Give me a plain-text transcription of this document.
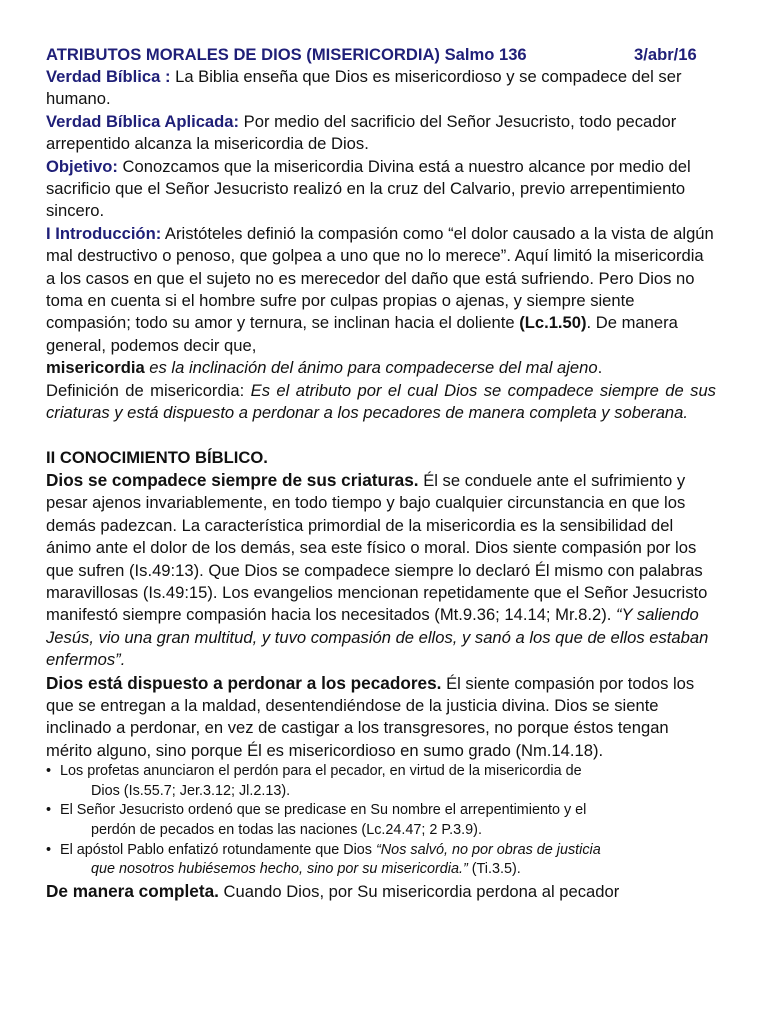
ATRIBUTOS MORALES DE DIOS (MISERICORDIA) Salmo 136	3/abr/16

Verdad Bíblica : La Biblia enseña que Dios es misericordioso y se compadece del ser humano.

Verdad Bíblica Aplicada: Por medio del sacrificio del Señor Jesucristo, todo pecador arrepentido alcanza la misericordia de Dios.

Objetivo: Conozcamos que la misericordia Divina está a nuestro alcance por medio del sacrificio que el Señor Jesucristo realizó en la cruz del Calvario, previo arrepentimiento sincero.

I Introducción: Aristóteles definió la compasión como “el dolor causado a la vista de algún mal destructivo o penoso, que golpea a uno que no lo merece”. Aquí limitó la misericordia a los casos en que el sujeto no es merecedor del daño que está sufriendo. Pero Dios no toma en cuenta si el hombre sufre por culpas propias o ajenas, y siempre siente compasión; todo su amor y ternura, se inclinan hacia el doliente (Lc.1.50). De manera general, podemos decir que,
misericordia es la inclinación del ánimo para compadecerse del mal ajeno.

Definición de misericordia: Es el atributo por el cual Dios se compadece siempre de sus criaturas y está dispuesto a perdonar a los pecadores de manera completa y soberana.

II CONOCIMIENTO BÍBLICO.

Dios se compadece siempre de sus criaturas. Él se conduele ante el sufrimiento y pesar ajenos invariablemente, en todo tiempo y bajo cualquier circunstancia en que los demás padezcan. La característica primordial de la misericordia es la sensibilidad del ánimo ante el dolor de los demás, sea este físico o moral. Dios siente compasión por los que sufren (Is.49:13). Que Dios se compadece siempre lo declaró Él mismo con palabras maravillosas (Is.49:15). Los evangelios mencionan repetidamente que el Señor Jesucristo manifestó siempre compasión hacia los necesitados (Mt.9.36; 14.14; Mr.8.2). “Y saliendo Jesús, vio una gran multitud, y tuvo compasión de ellos, y sanó a los que de ellos estaban enfermos”.

Dios está dispuesto a perdonar a los pecadores. Él siente compasión por todos los que se entregan a la maldad, desentendiéndose de la justicia divina. Dios se siente inclinado a perdonar, en vez de castigar a los transgresores, no porque éstos tengan mérito alguno, sino porque Él es misericordioso en sumo grado (Nm.14.18).

• Los profetas anunciaron el perdón para el pecador, en virtud de la misericordia de
Dios (Is.55.7; Jer.3.12; Jl.2.13).
• El Señor Jesucristo ordenó que se predicase en Su nombre el arrepentimiento y el
perdón de pecados en todas las naciones (Lc.24.47; 2 P.3.9).
• El apóstol Pablo enfatizó rotundamente que Dios “Nos salvó, no por obras de justicia
que nosotros hubiésemos hecho, sino por su misericordia.” (Ti.3.5).

De manera completa. Cuando Dios, por Su misericordia perdona al pecador
